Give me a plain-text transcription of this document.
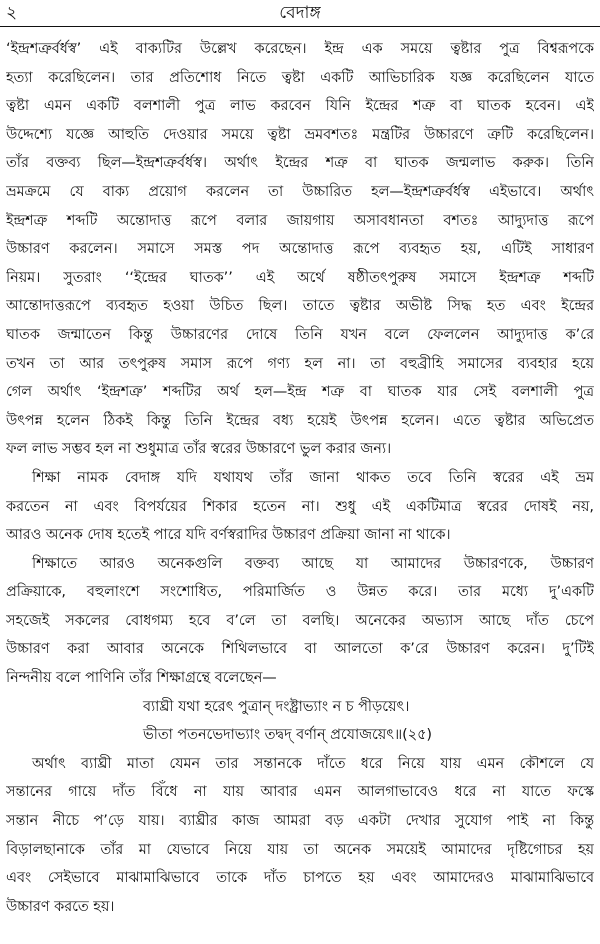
২	বেদাঙ্গ
‘ইন্দ্রশত্রুর্বর্ধস্ব’ এই বাক্যটির উল্লেখ করেছেন। ইন্দ্র এক সময়ে ত্বষ্টার পুত্র বিশ্বরূপকে
হত্যা করেছিলেন। তার প্রতিশোধ নিতে ত্বষ্টা একটি আভিচারিক যজ্ঞ করেছিলেন যাতে
ত্বষ্টা এমন একটি বলশালী পুত্র লাভ করবেন যিনি ইন্দ্রের শত্রু বা ঘাতক হবেন। এই
উদ্দেশ্যে যজ্ঞে আহুতি দেওয়ার সময়ে ত্বষ্টা ভ্রমবশতঃ মন্ত্রটির উচ্চারণে ত্রুটি করেছিলেন।
তাঁর বক্তব্য ছিল—ইন্দ্রশত্রুর্বর্ধস্ব। অর্থাৎ ইন্দ্রের শত্রু বা ঘাতক জন্মলাভ করুক। তিনি
ভ্রমক্রমে যে বাক্য প্রয়োগ করলেন তা উচ্চারিত হল—ইন্দ্রশত্রুর্বর্ধস্ব এইভাবে। অর্থাৎ
ইন্দ্রশত্রু শব্দটি অন্তোদাত্ত রূপে বলার জায়গায় অসাবধানতা বশতঃ আদ্যুদাত্ত রূপে
উচ্চারণ করলেন। সমাসে সমস্ত পদ অন্তোদাত্ত রূপে ব্যবহৃত হয়, এটিই সাধারণ
নিয়ম। সুতরাং ‘‘ইন্দ্রের ঘাতক’’ এই অর্থে ষষ্ঠীতৎপুরুষ সমাসে ইন্দ্রশত্রু শব্দটি
আন্তোদাত্তরূপে ব্যবহৃত হওয়া উচিত ছিল। তাতে ত্বষ্টার অভীষ্ট সিদ্ধ হত এবং ইন্দ্রের
ঘাতক জন্মাতেন কিন্তু উচ্চারণের দোষে তিনি যখন বলে ফেললেন আদ্যুদাত্ত ক’রে
তখন তা আর তৎপুরুষ সমাস রূপে গণ্য হল না। তা বহুব্রীহি সমাসের ব্যবহার হয়ে
গেল অর্থাৎ ‘ইন্দ্রশত্রু’ শব্দটির অর্থ হল—ইন্দ্র শত্রু বা ঘাতক যার সেই বলশালী পুত্র
উৎপন্ন হলেন ঠিকই কিন্তু তিনি ইন্দ্রের বধ্য হয়েই উৎপন্ন হলেন। এতে ত্বষ্টার অভিপ্রেত
ফল লাভ সম্ভব হল না শুধুমাত্র তাঁর স্বরের উচ্চারণে ভুল করার জন্য।
শিক্ষা নামক বেদাঙ্গ যদি যথাযথ তাঁর জানা থাকত তবে তিনি স্বরের এই ভ্রম
করতেন না এবং বিপর্যয়ের শিকার হতেন না। শুধু এই একটিমাত্র স্বরের দোষই নয়,
আরও অনেক দোষ হতেই পারে যদি বর্ণস্বরাদির উচ্চারণ প্রক্রিয়া জানা না থাকে।
শিক্ষাতে আরও অনেকগুলি বক্তব্য আছে যা আমাদের উচ্চারণকে, উচ্চারণ
প্রক্রিয়াকে, বহুলাংশে সংশোধিত, পরিমার্জিত ও উন্নত করে। তার মধ্যে দু’একটি
সহজেই সকলের বোধগম্য হবে ব’লে তা বলছি। অনেকের অভ্যাস আছে দাঁত চেপে
উচ্চারণ করা আবার অনেকে শিথিলভাবে বা আলতো ক’রে উচ্চারণ করেন। দু’টিই
নিন্দনীয় বলে পাণিনি তাঁর শিক্ষাগ্রন্থে বলেছেন—
ব্যাঘ্রী যথা হরেৎ পুত্রান্ দংষ্ট্রাভ্যাং ন চ পীড়য়েৎ।
ভীতা পতনভেদাভ্যাং তদ্বদ্ বর্ণান্ প্রযোজয়েৎ॥(২৫)
অর্থাৎ ব্যাঘ্রী মাতা যেমন তার সন্তানকে দাঁতে ধরে নিয়ে যায় এমন কৌশলে যে
সন্তানের গায়ে দাঁত বিঁধে না যায় আবার এমন আলগাভাবেও ধরে না যাতে ফস্কে
সন্তান নীচে প’ড়ে যায়। ব্যাঘ্রীর কাজ আমরা বড় একটা দেখার সুযোগ পাই না কিন্তু
বিড়ালছানাকে তাঁর মা যেভাবে নিয়ে যায় তা অনেক সময়েই আমাদের দৃষ্টিগোচর হয়
এবং সেইভাবে মাঝামাঝিভাবে তাকে দাঁত চাপতে হয় এবং আমাদেরও মাঝামাঝিভাবে
উচ্চারণ করতে হয়।
